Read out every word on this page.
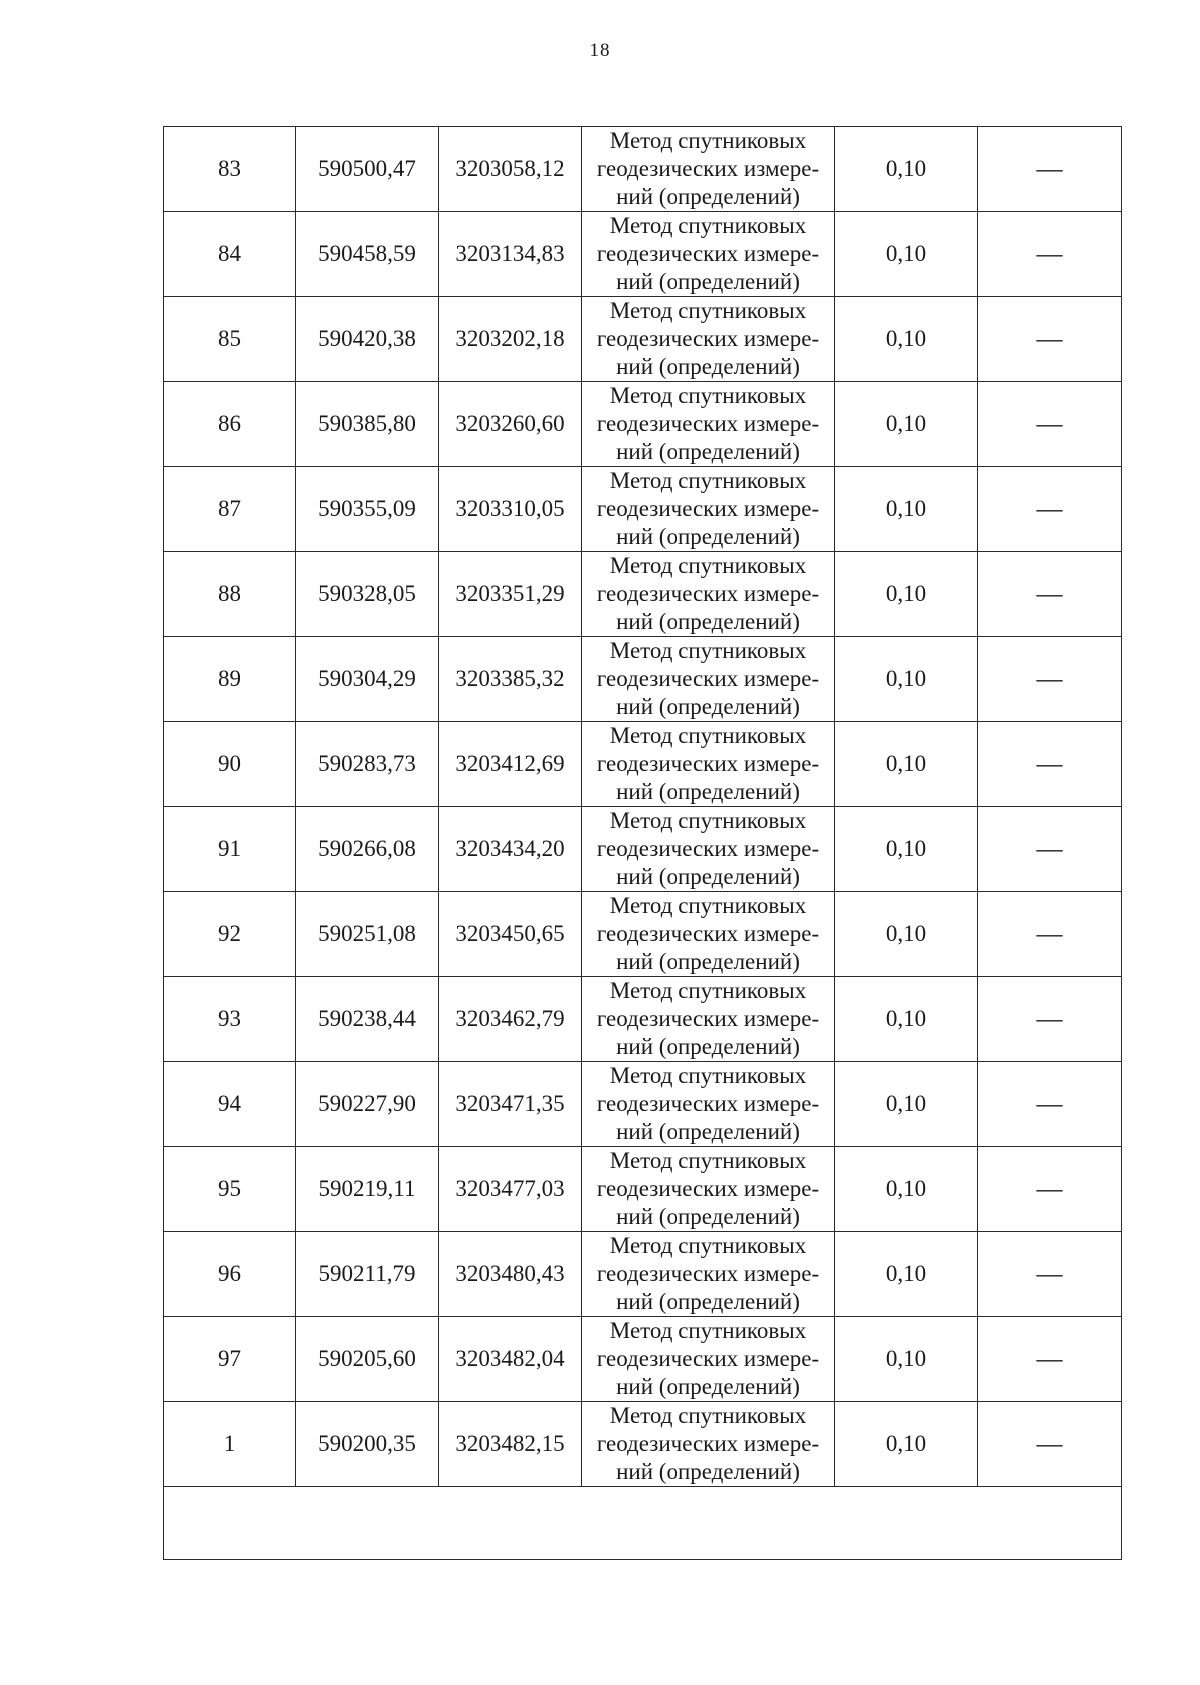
18
83	590500,47	3203058,12	Метод спутниковых
геодезических измере-
ний (определений)	0,10	—
84	590458,59	3203134,83	Метод спутниковых
геодезических измере-
ний (определений)	0,10	—
85	590420,38	3203202,18	Метод спутниковых
геодезических измере-
ний (определений)	0,10	—
86	590385,80	3203260,60	Метод спутниковых
геодезических измере-
ний (определений)	0,10	—
87	590355,09	3203310,05	Метод спутниковых
геодезических измере-
ний (определений)	0,10	—
88	590328,05	3203351,29	Метод спутниковых
геодезических измере-
ний (определений)	0,10	—
89	590304,29	3203385,32	Метод спутниковых
геодезических измере-
ний (определений)	0,10	—
90	590283,73	3203412,69	Метод спутниковых
геодезических измере-
ний (определений)	0,10	—
91	590266,08	3203434,20	Метод спутниковых
геодезических измере-
ний (определений)	0,10	—
92	590251,08	3203450,65	Метод спутниковых
геодезических измере-
ний (определений)	0,10	—
93	590238,44	3203462,79	Метод спутниковых
геодезических измере-
ний (определений)	0,10	—
94	590227,90	3203471,35	Метод спутниковых
геодезических измере-
ний (определений)	0,10	—
95	590219,11	3203477,03	Метод спутниковых
геодезических измере-
ний (определений)	0,10	—
96	590211,79	3203480,43	Метод спутниковых
геодезических измере-
ний (определений)	0,10	—
97	590205,60	3203482,04	Метод спутниковых
геодезических измере-
ний (определений)	0,10	—
1	590200,35	3203482,15	Метод спутниковых
геодезических измере-
ний (определений)	0,10	—
